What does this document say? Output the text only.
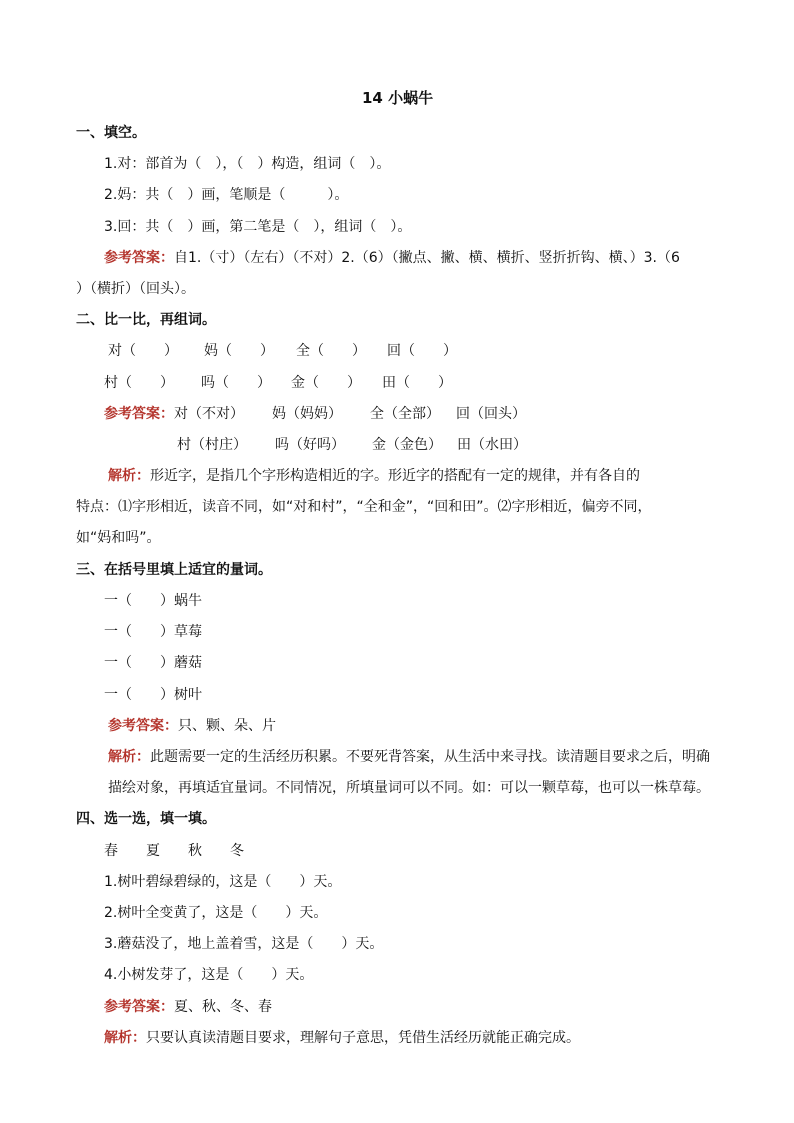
14 小蜗牛
一、填空。
1.对：部首为（　），（　）构造，组词（　）。
2.妈：共（　）画，笔顺是（　　　）。
3.回：共（　）画，第二笔是（　），组词（　）。
参考答案：自1.（寸）（左右）（不对）2.（6）（撇点、撇、横、横折、竖折折钩、横、）3.（6
）（横折）（回头）。
二、比一比，再组词。
对（　　） 妈（　　） 全（　　） 回（　　）
村（　　） 吗（　　） 金（　　） 田（　　）
参考答案：对（不对） 妈（妈妈） 全（全部） 回（回头）
村（村庄） 吗（好吗） 金（金色） 田（水田）
解析：形近字，是指几个字形构造相近的字。形近字的搭配有一定的规律，并有各自的
特点：⑴字形相近，读音不同，如“对和村”，“全和金”，“回和田”。⑵字形相近，偏旁不同，
如“妈和吗”。
三、在括号里填上适宜的量词。
一（　　）蜗牛
一（　　）草莓
一（　　）蘑菇
一（　　）树叶
参考答案：只、颗、朵、片
解析：此题需要一定的生活经历积累。不要死背答案，从生活中来寻找。读清题目要求之后，明确
描绘对象，再填适宜量词。不同情况，所填量词可以不同。如：可以一颗草莓，也可以一株草莓。
四、选一选，填一填。
春 夏 秋 冬
1.树叶碧绿碧绿的，这是（　　）天。
2.树叶全变黄了，这是（　　）天。
3.蘑菇没了，地上盖着雪，这是（　　）天。
4.小树发芽了，这是（　　）天。
参考答案：夏、秋、冬、春
解析：只要认真读清题目要求，理解句子意思，凭借生活经历就能正确完成。
